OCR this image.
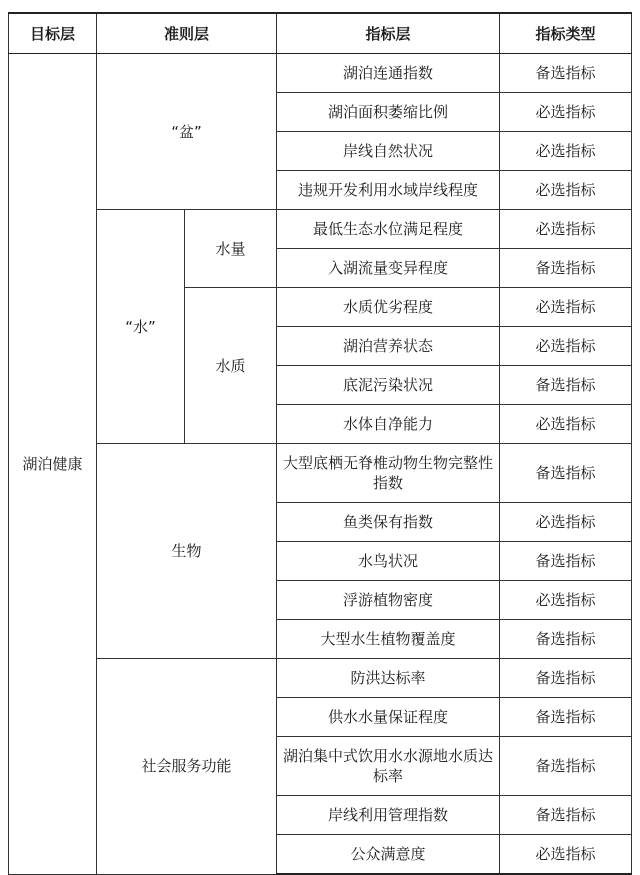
目标层	准则层		指标层	指标类型
湖泊健康	“盆”		湖泊连通指数	备选指标
			湖泊面积萎缩比例	必选指标
			岸线自然状况	必选指标
			违规开发利用水域岸线程度	必选指标
	“水”	水量	最低生态水位满足程度	必选指标
			入湖流量变异程度	备选指标
		水质	水质优劣程度	必选指标
			湖泊营养状态	必选指标
			底泥污染状况	备选指标
			水体自净能力	必选指标
	生物		大型底栖无脊椎动物生物完整性指数	备选指标
			鱼类保有指数	必选指标
			水鸟状况	备选指标
			浮游植物密度	必选指标
			大型水生植物覆盖度	备选指标
	社会服务功能		防洪达标率	备选指标
			供水水量保证程度	备选指标
			湖泊集中式饮用水水源地水质达标率	备选指标
			岸线利用管理指数	备选指标
			公众满意度	必选指标
